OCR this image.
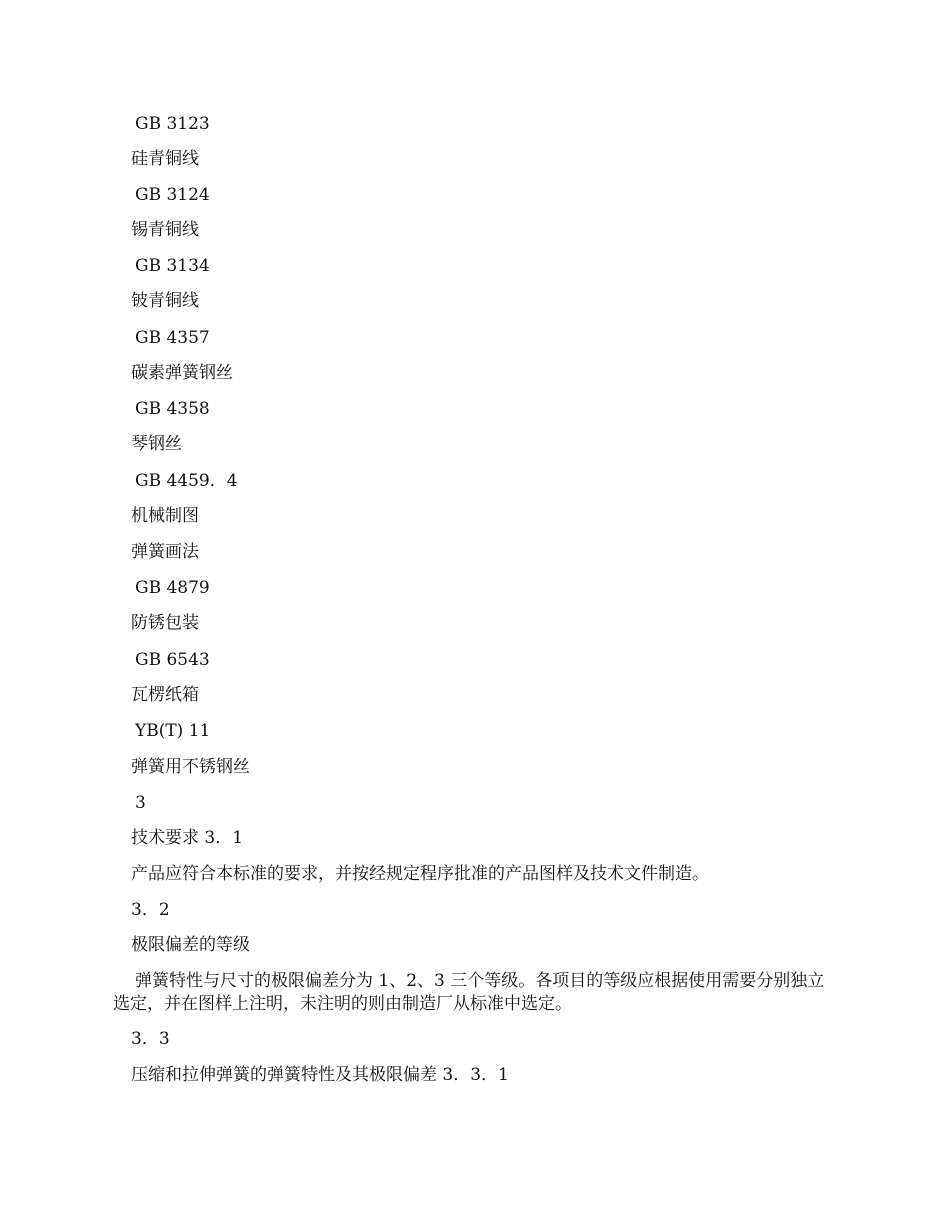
GB 3123
硅青铜线
GB 3124
锡青铜线
GB 3134
铍青铜线
GB 4357
碳素弹簧钢丝
GB 4358
琴钢丝
GB 4459．4
机械制图
弹簧画法
GB 4879
防锈包装
GB 6543
瓦楞纸箱
YB(T) 11
弹簧用不锈钢丝
3
技术要求 3．1
产品应符合本标准的要求，并按经规定程序批准的产品图样及技术文件制造。
3．2
极限偏差的等级
弹簧特性与尺寸的极限偏差分为 1、2、3 三个等级。各项目的等级应根据使用需要分别独立选定，并在图样上注明，未注明的则由制造厂从标准中选定。
3．3
压缩和拉伸弹簧的弹簧特性及其极限偏差 3．3．1
